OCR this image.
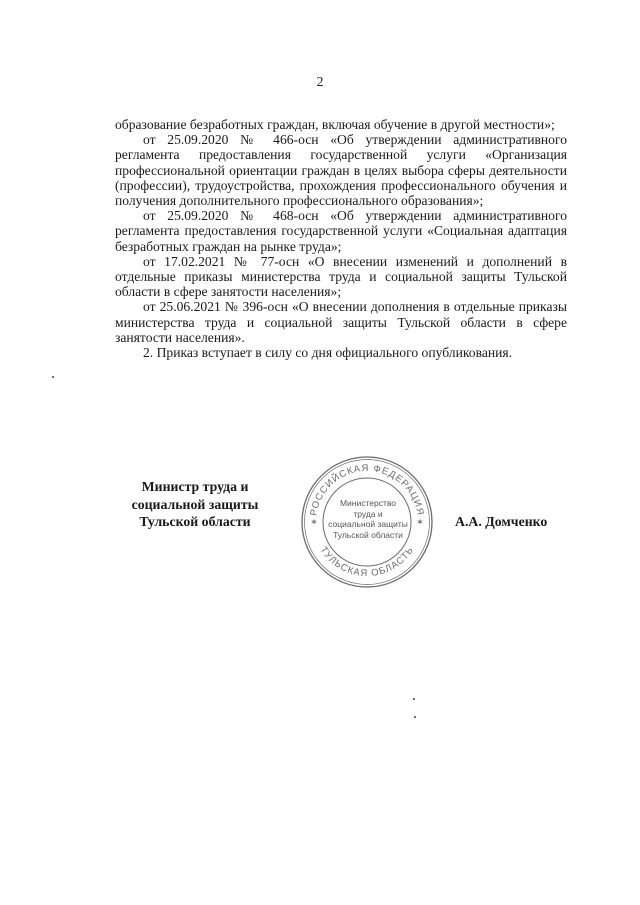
2

образование безработных граждан, включая обучение в другой местности»;

от 25.09.2020 № 466-осн «Об утверждении административного регламента предоставления государственной услуги «Организация профессиональной ориентации граждан в целях выбора сферы деятельности (профессии), трудоустройства, прохождения профессионального обучения и получения дополнительного профессионального образования»;

от 25.09.2020 № 468-осн «Об утверждении административного регламента предоставления государственной услуги «Социальная адаптация безработных граждан на рынке труда»;

от 17.02.2021 № 77-осн «О внесении изменений и дополнений в отдельные приказы министерства труда и социальной защиты Тульской области в сфере занятости населения»;

от 25.06.2021 № 396-осн «О внесении дополнения в отдельные приказы министерства труда и социальной защиты Тульской области в сфере занятости населения».

2. Приказ вступает в силу со дня официального опубликования.

Министр труда и
социальной защиты
Тульской области	А.А. Домченко
РОССИЙСКАЯ ФЕДЕРАЦИЯ
ТУЛЬСКАЯ ОБЛАСТЬ
✶	✶
Министерство
труда и
социальной защиты
Тульской области
